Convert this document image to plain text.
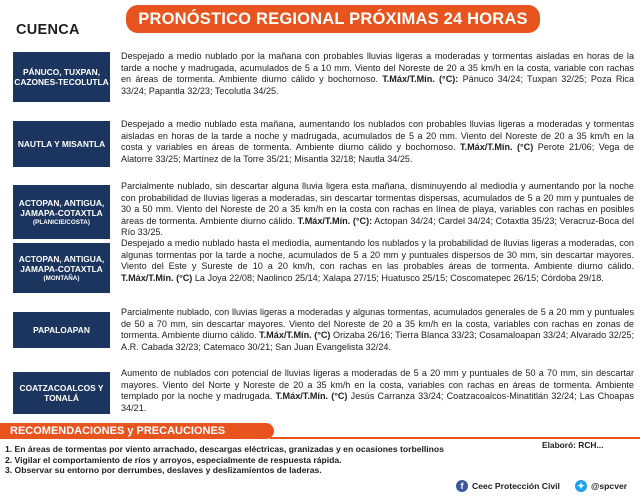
CUENCA
PRONÓSTICO REGIONAL PRÓXIMAS 24 HORAS
PÁNUCO, TUXPAN, CAZONES-TECOLUTLA
Despejado a medio nublado por la mañana con probables lluvias ligeras a moderadas y tormentas aisladas en horas de la tarde a noche y madrugada, acumulados de 5 a 10 mm. Viento del Noreste de 20 a 35 km/h en la costa, variable con rachas en áreas de tormenta. Ambiente diurno cálido y bochornoso. T.Máx/T.Mín. (°C): Pánuco 34/24; Tuxpan 32/25; Poza Rica 33/24; Papantla 32/23; Tecolutla 34/25.
NAUTLA Y MISANTLA
Despejado a medio nublado esta mañana, aumentando los nublados con probables lluvias ligeras a moderadas y tormentas aisladas en horas de la tarde a noche y madrugada, acumulados de 5 a 20 mm. Viento del Noreste de 20 a 35 km/h en la costa y variables en áreas de tormenta. Ambiente diurno cálido y bochornoso. T.Máx/T.Mín. (°C) Perote 21/06; Vega de Alatorre 33/25; Martínez de la Torre 35/21; Misantla 32/18; Nautla 34/25.
ACTOPAN, ANTIGUA, JAMAPA-COTAXTLA
(PLANICIE/COSTA)
Parcialmente nublado, sin descartar alguna lluvia ligera esta mañana, disminuyendo al mediodía y aumentando por la noche con probabilidad de lluvias ligeras a moderadas, sin descartar tormentas dispersas, acumulados de 5 a 20 mm y puntuales de 30 a 50 mm. Viento del Noreste de 20 a 35 km/h en la costa con rachas en línea de playa, variables con rachas en posibles áreas de tormenta. Ambiente diurno cálido. T.Máx/T.Mín. (°C): Actopan 34/24; Cardel 34/24; Cotaxtla 35/23; Veracruz-Boca del Río 33/25.
ACTOPAN, ANTIGUA, JAMAPA-COTAXTLA
(MONTAÑA)
Despejado a medio nublado hasta el mediodía, aumentando los nublados y la probabilidad de lluvias ligeras a moderadas, con algunas tormentas por la tarde a noche, acumulados de 5 a 20 mm y puntuales dispersos de 30 mm, sin descartar mayores. Viento del Este y Sureste de 10 a 20 km/h, con rachas en las probables áreas de tormenta. Ambiente diurno cálido. T.Máx/T.Mín. (°C) La Joya 22/08; Naolinco 25/14; Xalapa 27/15; Huatusco 25/15; Coscomatepec 26/15; Córdoba 29/18.
PAPALOAPAN
Parcialmente nublado, con lluvias ligeras a moderadas y algunas tormentas, acumulados generales de 5 a 20 mm y puntuales de 50 a 70 mm, sin descartar mayores. Viento del Noreste de 20 a 35 km/h en la costa, variables con rachas en zonas de tormenta. Ambiente diurno cálido. T.Máx/T.Mín. (°C) Orizaba 26/16; Tierra Blanca 33/23; Cosamaloapan 33/24; Alvarado 32/25; A.R. Cabada 32/23; Catemaco 30/21; San Juan Evangelista 32/24.
COATZACOALCOS Y TONALÁ
Aumento de nublados con potencial de lluvias ligeras a moderadas de 5 a 20 mm y puntuales de 50 a 70 mm, sin descartar mayores. Viento del Norte y Noreste de 20 a 35 km/h en la costa, variables con rachas en áreas de tormenta. Ambiente templado por la noche y madrugada. T.Máx/T.Mín. (°C) Jesús Carranza 33/24; Coatzacoalcos-Minatitlán 32/24; Las Choapas 34/21.
RECOMENDACIONES y PRECAUCIONES
Elaboró: RCH...
1. En áreas de tormentas por viento arrachado, descargas eléctricas, granizadas y en ocasiones torbellinos
2. Vigilar el comportamiento de ríos y arroyos, especialmente de respuesta rápida.
3. Observar su entorno por derrumbes, deslaves y deslizamientos de laderas.
f Ceec Protección Civil ✦ @spcver
